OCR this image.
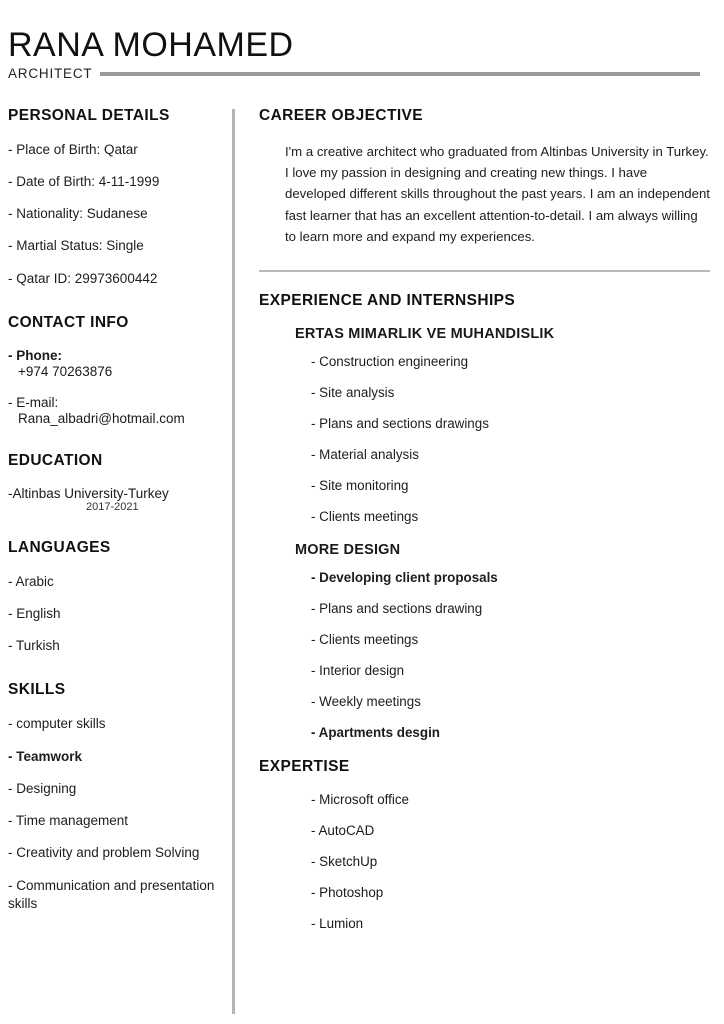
RANA MOHAMED
ARCHITECT
PERSONAL DETAILS

- Place of Birth: Qatar

- Date of Birth: 4-11-1999

- Nationality: Sudanese

- Martial Status: Single

- Qatar ID: 29973600442

CONTACT INFO

- Phone:

+974 70263876

- E-mail:

Rana_albadri@hotmail.com

EDUCATION

-Altinbas University-Turkey

2017-2021

LANGUAGES

- Arabic

- English

- Turkish

SKILLS

- computer skills

- Teamwork

- Designing

- Time management

- Creativity and problem Solving

- Communication and presentation skills

CAREER OBJECTIVE

I'm a creative architect who graduated from Altinbas University in Turkey. I love my passion in designing and creating new things. I have developed different skills throughout the past years. I am an independent fast learner that has an excellent attention-to-detail. I am always willing to learn more and expand my experiences.

EXPERIENCE AND INTERNSHIPS
ERTAS MIMARLIK VE MUHANDISLIK

- Construction engineering

- Site analysis

- Plans and sections drawings

- Material analysis

- Site monitoring

- Clients meetings

MORE DESIGN

- Developing client proposals

- Plans and sections drawing

- Clients meetings

- Interior design

- Weekly meetings

- Apartments desgin

EXPERTISE

- Microsoft office

- AutoCAD

- SketchUp

- Photoshop

- Lumion
